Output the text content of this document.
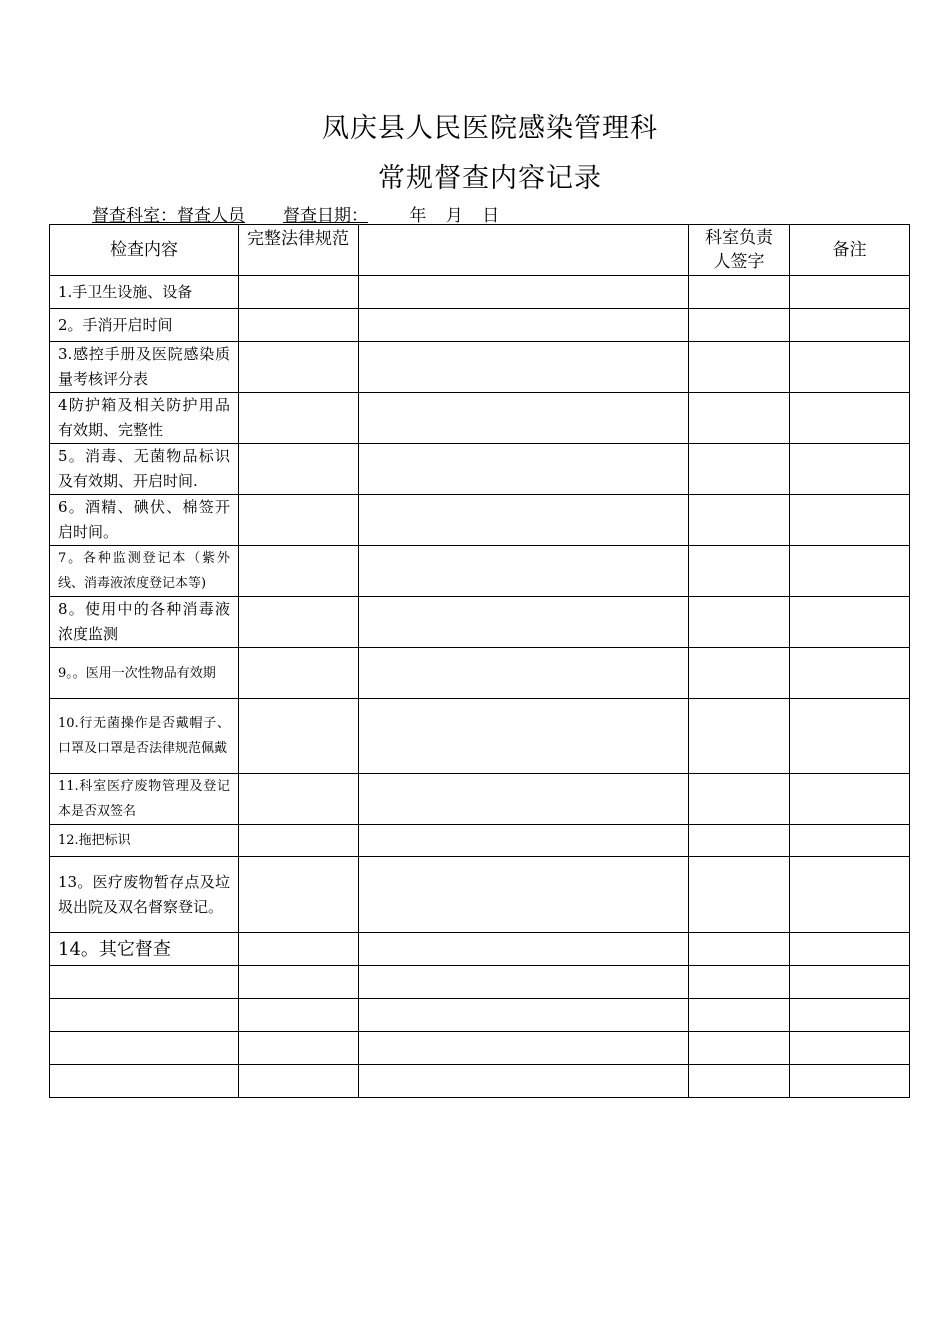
凤庆县人民医院感染管理科
常规督查内容记录
督查科室：督查人员 督查日期： 年 月 日
检查内容	完整法律规范		科室负责人签字	备注
1.手卫生设施、设备				
2。手消开启时间				
3.感控手册及医院感染质量考核评分表				
4防护箱及相关防护用品有效期、完整性				
5。消毒、无菌物品标识及有效期、开启时间.				
6。酒精、碘伏、棉签开启时间。				
7。各种监测登记本（紫外线、消毒液浓度登记本等)				
8。使用中的各种消毒液浓度监测				
9。。医用一次性物品有效期				
10.行无菌操作是否戴帽子、口罩及口罩是否法律规范佩戴				
11.科室医疗废物管理及登记本是否双签名				
12.拖把标识				
13。医疗废物暂存点及垃圾出院及双名督察登记。				
14。其它督查				
